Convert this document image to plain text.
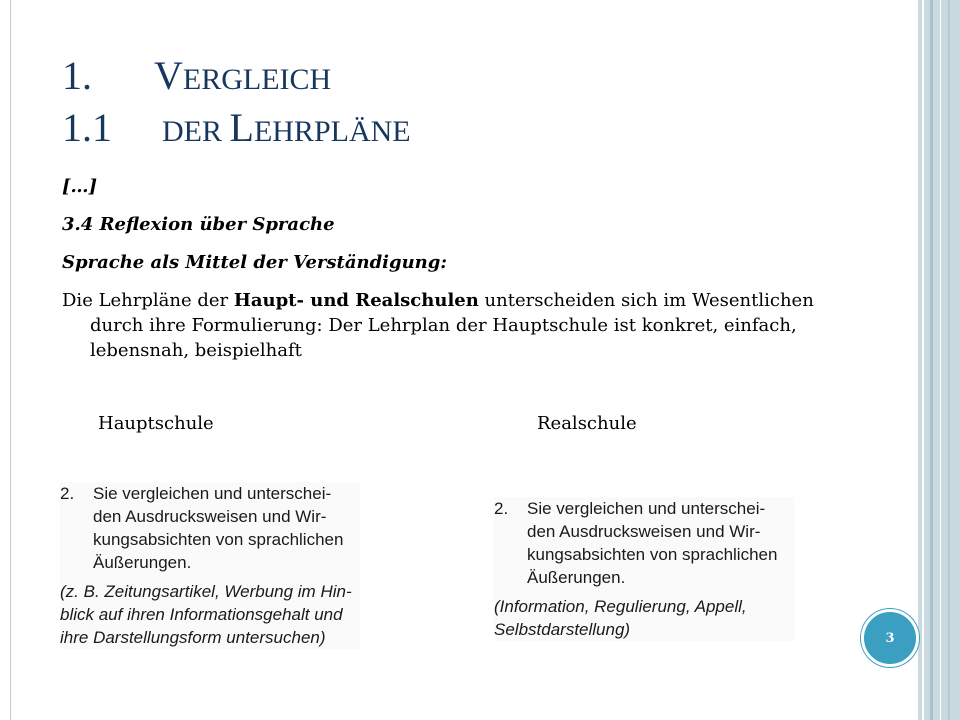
1.	VERGLEICH
1.1	DER LEHRPLÄNE
[…]
3.4 Reflexion über Sprache
Sprache als Mittel der Verständigung:
Die Lehrpläne der Haupt- und Realschulen unterscheiden sich im Wesentlichen durch ihre Formulierung: Der Lehrplan der Hauptschule ist konkret, einfach, lebensnah, beispielhaft
Hauptschule	Realschule
2. Sie vergleichen und unterschei-
den Ausdrucksweisen und Wir-
kungsabsichten von sprachlichen
Äußerungen.
(z. B. Zeitungsartikel, Werbung im Hin-
blick auf ihren Informationsgehalt und
ihre Darstellungsform untersuchen)
2. Sie vergleichen und unterschei-
den Ausdrucksweisen und Wir-
kungsabsichten von sprachlichen
Äußerungen.
(Information, Regulierung, Appell,
Selbstdarstellung)	3
